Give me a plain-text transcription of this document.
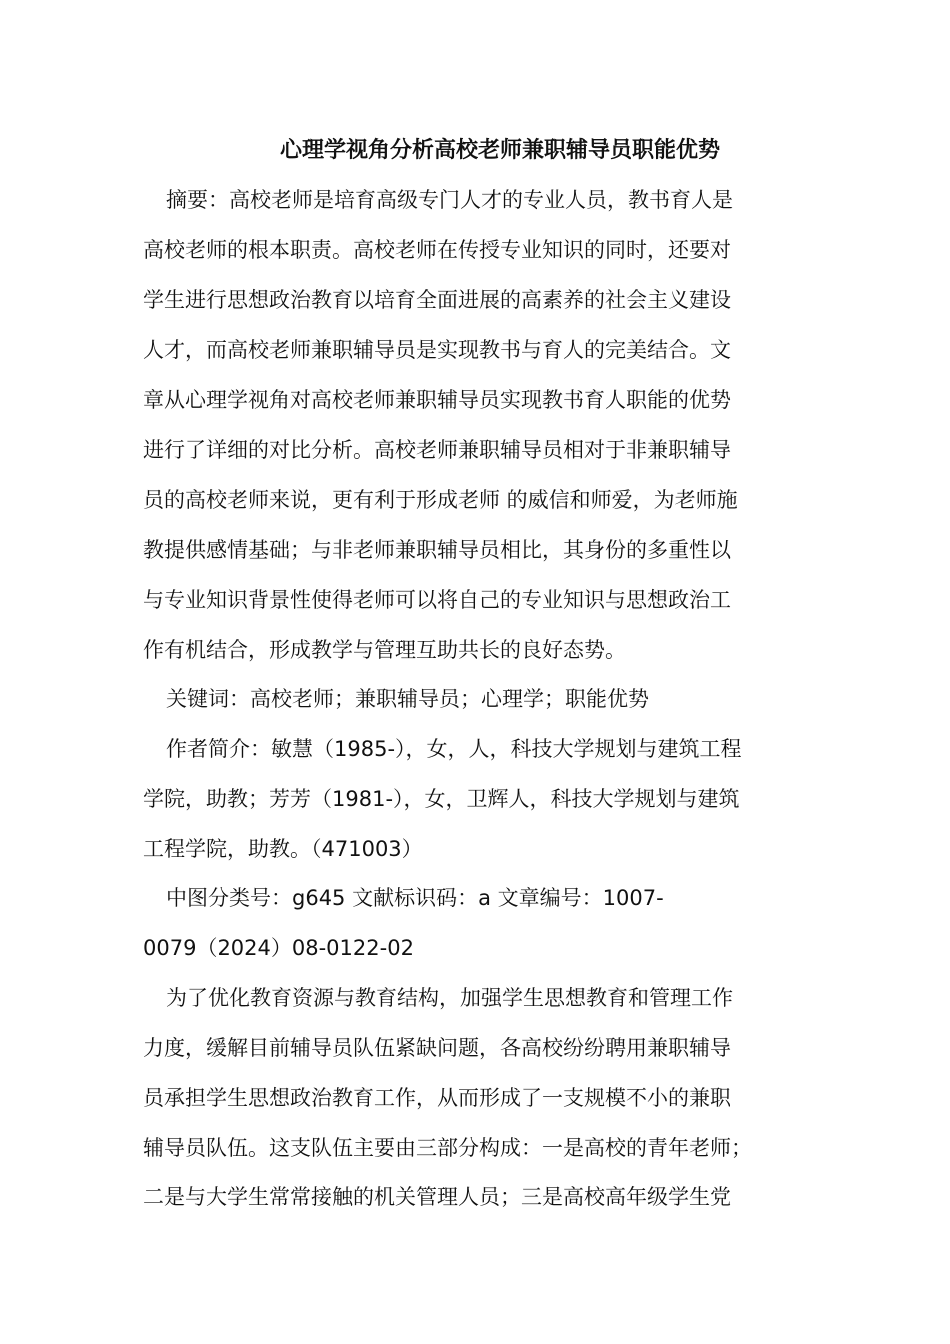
心理学视角分析高校老师兼职辅导员职能优势
摘要：高校老师是培育高级专门人才的专业人员，教书育人是
高校老师的根本职责。高校老师在传授专业知识的同时，还要对
学生进行思想政治教育以培育全面进展的高素养的社会主义建设
人才，而高校老师兼职辅导员是实现教书与育人的完美结合。文
章从心理学视角对高校老师兼职辅导员实现教书育人职能的优势
进行了详细的对比分析。高校老师兼职辅导员相对于非兼职辅导
员的高校老师来说，更有利于形成老师 的威信和师爱，为老师施
教提供感情基础；与非老师兼职辅导员相比，其身份的多重性以
与专业知识背景性使得老师可以将自己的专业知识与思想政治工
作有机结合，形成教学与管理互助共长的良好态势。
关键词：高校老师；兼职辅导员；心理学；职能优势
作者简介：敏慧（1985-），女，人，科技大学规划与建筑工程
学院，助教；芳芳（1981-），女，卫辉人，科技大学规划与建筑
工程学院，助教。（471003）
中图分类号：g645 文献标识码：a 文章编号：1007-
0079（2024）08-0122-02
为了优化教育资源与教育结构，加强学生思想教育和管理工作
力度，缓解目前辅导员队伍紧缺问题，各高校纷纷聘用兼职辅导
员承担学生思想政治教育工作，从而形成了一支规模不小的兼职
辅导员队伍。这支队伍主要由三部分构成：一是高校的青年老师；
二是与大学生常常接触的机关管理人员；三是高校高年级学生党
